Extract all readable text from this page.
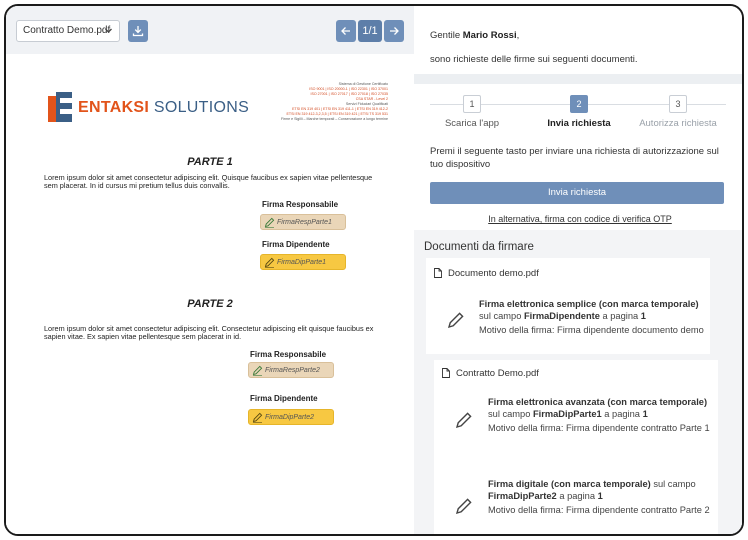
Contratto Demo.pdf	1/1
ENTAKSI SOLUTIONS
Sistema di Gestione Certificato
ISO 9001 | ISO 20000-1 | ISO 22301 | ISO 37001
ISO 27001 | ISO 27017 | ISO 27018 | ISO 27035
CSA STAR - Level 2
Servizi Fiduciari Qualificati
ETSI EN 319 401 | ETSI EN 319 411-1 | ETSI EN 319 412-2
ETSI EN 319 412-3,2,3,5 | ETSI EN 319 421 | ETSI TS 319 531
Firme e Sigilli – Marche temporali – Conservazione a lungo termine
PARTE 1
Lorem ipsum dolor sit amet consectetur adipiscing elit. Quisque faucibus ex sapien vitae pellentesque sem placerat. In id cursus mi pretium tellus duis convallis.
Firma Responsabile
FirmaRespParte1
Firma Dipendente
FirmaDipParte1
PARTE 2
Lorem ipsum dolor sit amet consectetur adipiscing elit. Consectetur adipiscing elit quisque faucibus ex sapien vitae. Ex sapien vitae pellentesque sem placerat in id.
Firma Responsabile
FirmaRespParte2
Firma Dipendente
FirmaDipParte2
Gentile Mario Rossi,
sono richieste delle firme sui seguenti documenti.
1
Scarica l'app
2
Invia richiesta
3
Autorizza richiesta
Premi il seguente tasto per inviare una richiesta di autorizzazione sul tuo dispositivo
Invia richiesta
In alternativa, firma con codice di verifica OTP
Documenti da firmare
Documento demo.pdf
Firma elettronica semplice (con marca temporale)
sul campo FirmaDipendente a pagina 1
Motivo della firma: Firma dipendente documento demo
Contratto Demo.pdf
Firma elettronica avanzata (con marca temporale)
sul campo FirmaDipParte1 a pagina 1
Motivo della firma: Firma dipendente contratto Parte 1
Firma digitale (con marca temporale) sul campo
FirmaDipParte2 a pagina 1
Motivo della firma: Firma dipendente contratto Parte 2
